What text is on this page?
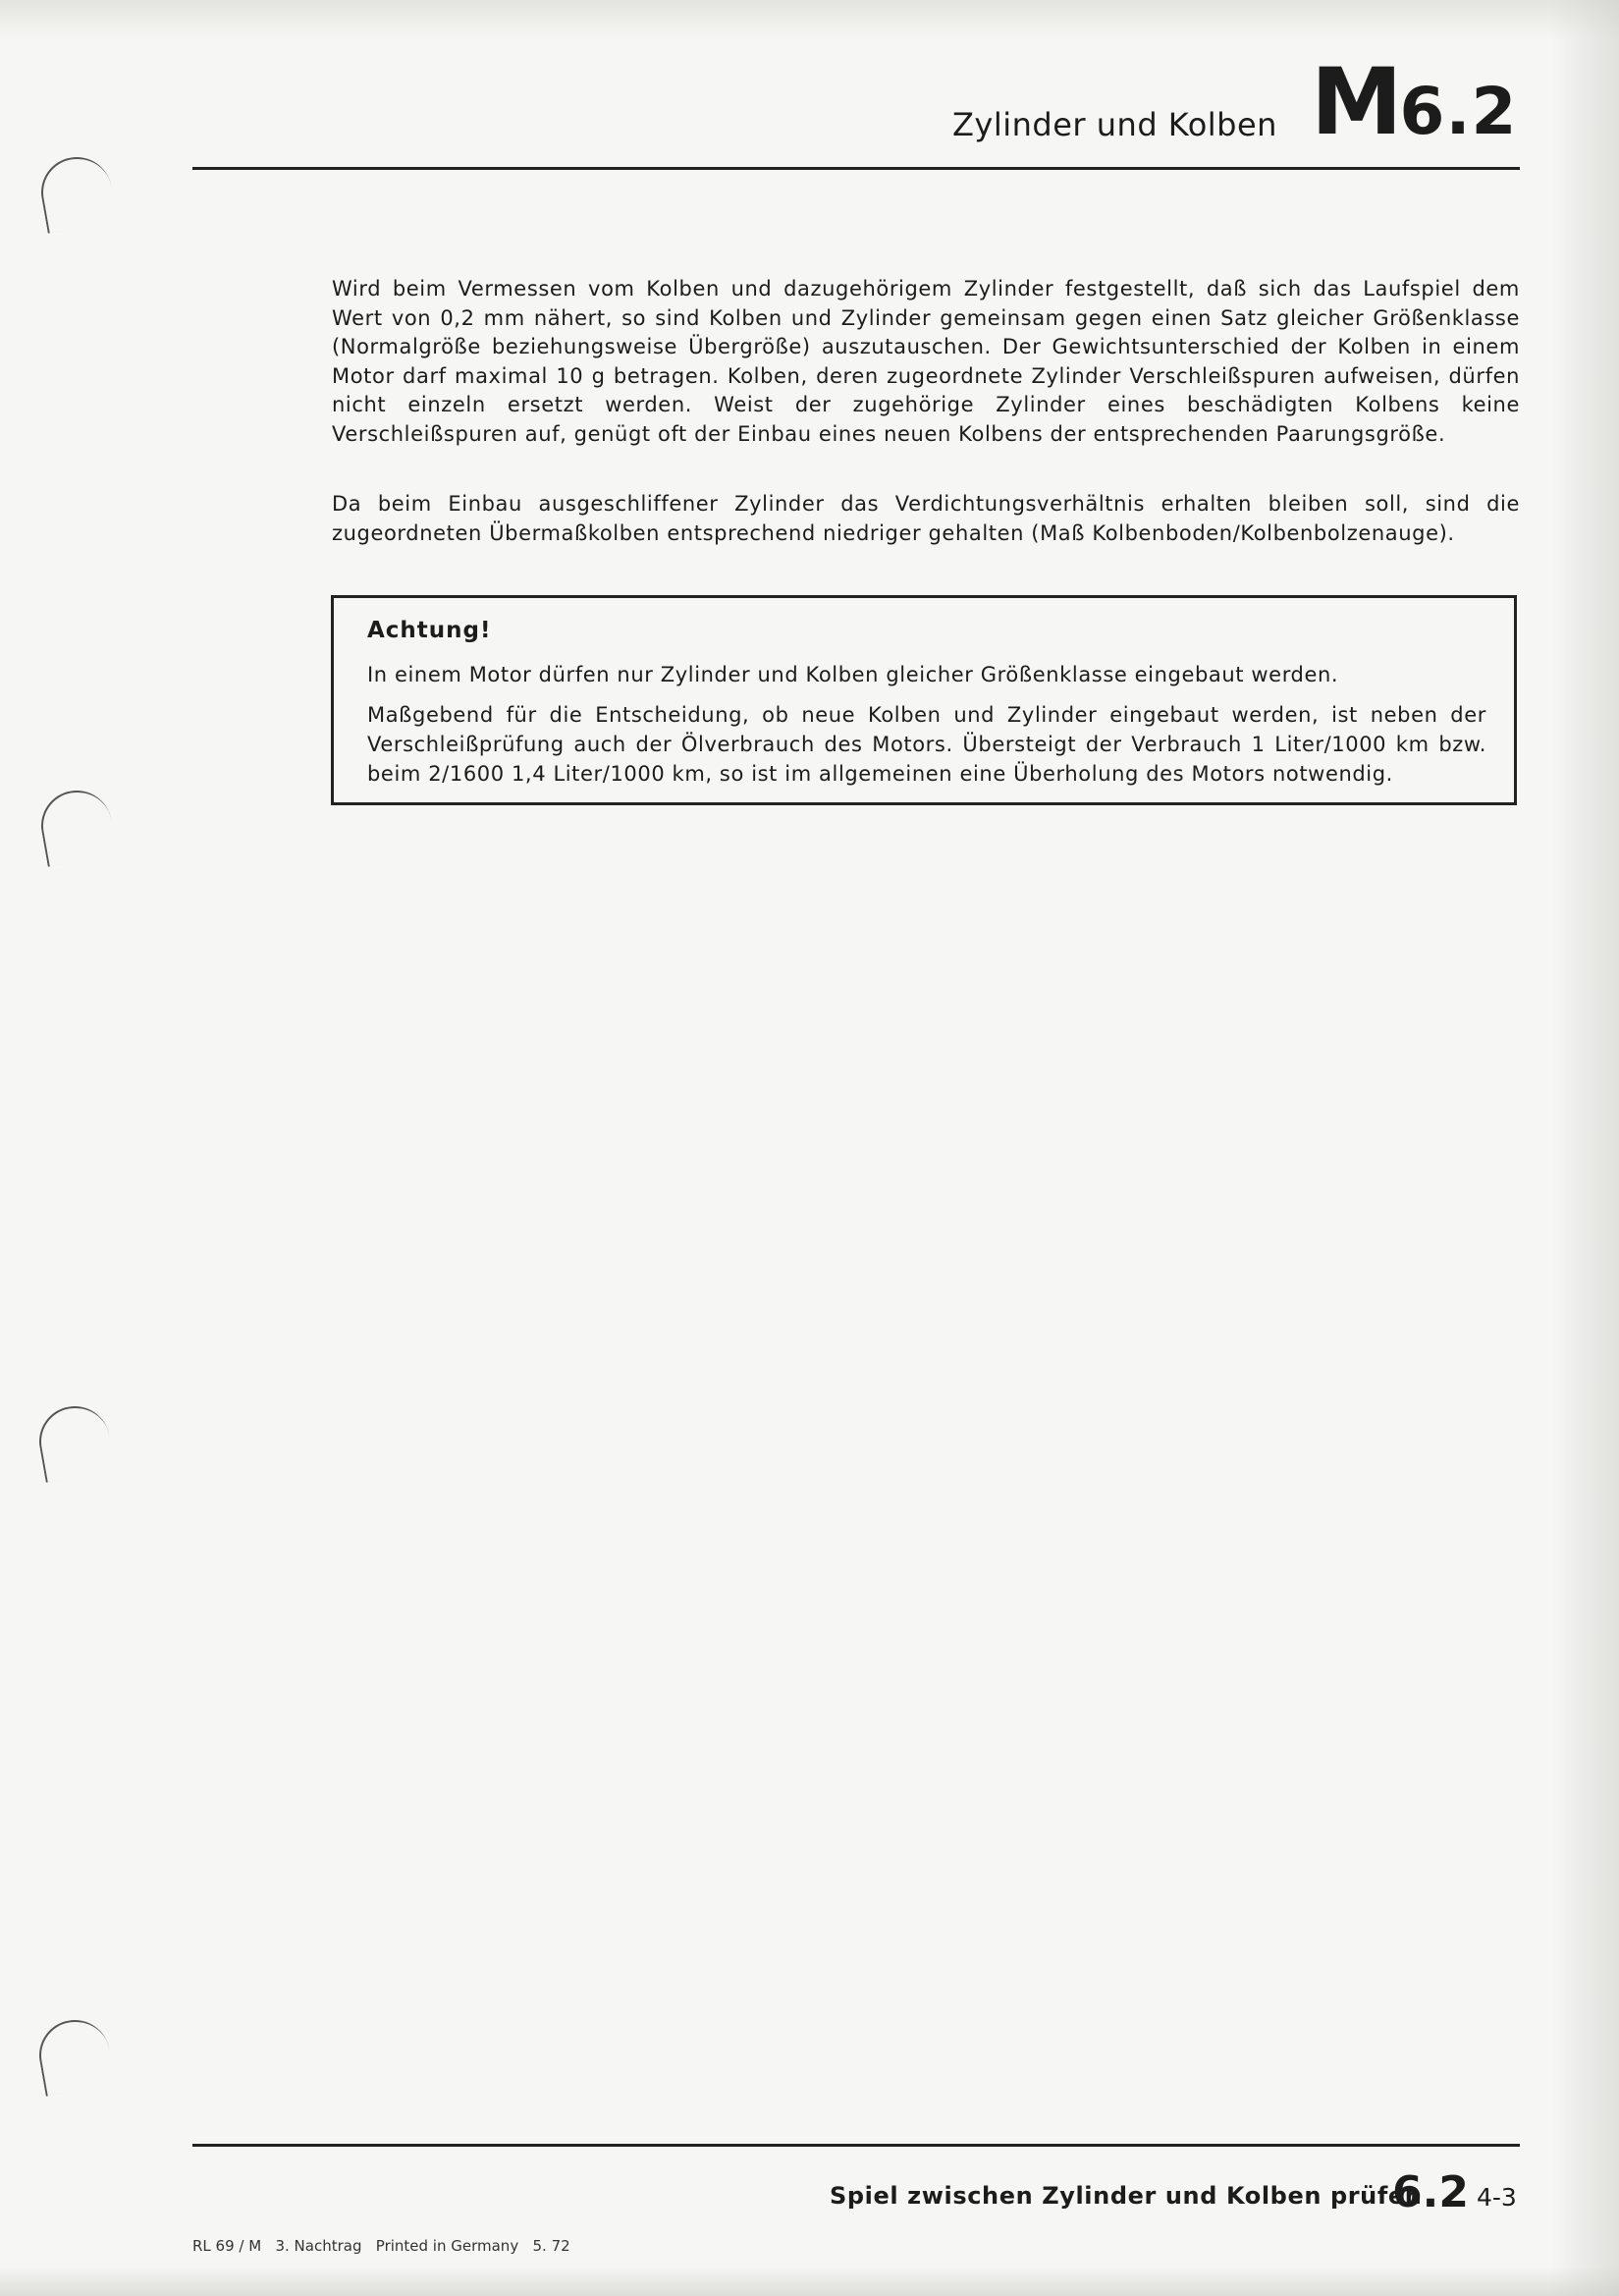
Zylinder und Kolben M6.2
Wird beim Vermessen vom Kolben und dazugehörigem Zylinder festgestellt, daß sich das Laufspiel dem Wert von 0,2 mm nähert, so sind Kolben und Zylinder gemeinsam gegen einen Satz gleicher Größenklasse (Normalgröße beziehungsweise Übergröße) auszutauschen. Der Gewichtsunterschied der Kolben in einem Motor darf maximal 10 g betragen. Kolben, deren zugeordnete Zylinder Verschleißspuren aufweisen, dürfen nicht einzeln ersetzt werden. Weist der zugehörige Zylinder eines beschädigten Kolbens keine Verschleißspuren auf, genügt oft der Einbau eines neuen Kolbens der entsprechenden Paarungsgröße.
Da beim Einbau ausgeschliffener Zylinder das Verdichtungsverhältnis erhalten bleiben soll, sind die zugeordneten Übermaßkolben entsprechend niedriger gehalten (Maß Kolbenboden/Kolbenbolzenauge).
Achtung!
In einem Motor dürfen nur Zylinder und Kolben gleicher Größenklasse eingebaut werden.
Maßgebend für die Entscheidung, ob neue Kolben und Zylinder eingebaut werden, ist neben der Verschleißprüfung auch der Ölverbrauch des Motors. Übersteigt der Verbrauch 1 Liter/1000 km bzw. beim 2/1600 1,4 Liter/1000 km, so ist im allgemeinen eine Überholung des Motors notwendig.
Spiel zwischen Zylinder und Kolben prüfen
6.2 4-3
RL 69 / M   3. Nachtrag   Printed in Germany   5. 72
